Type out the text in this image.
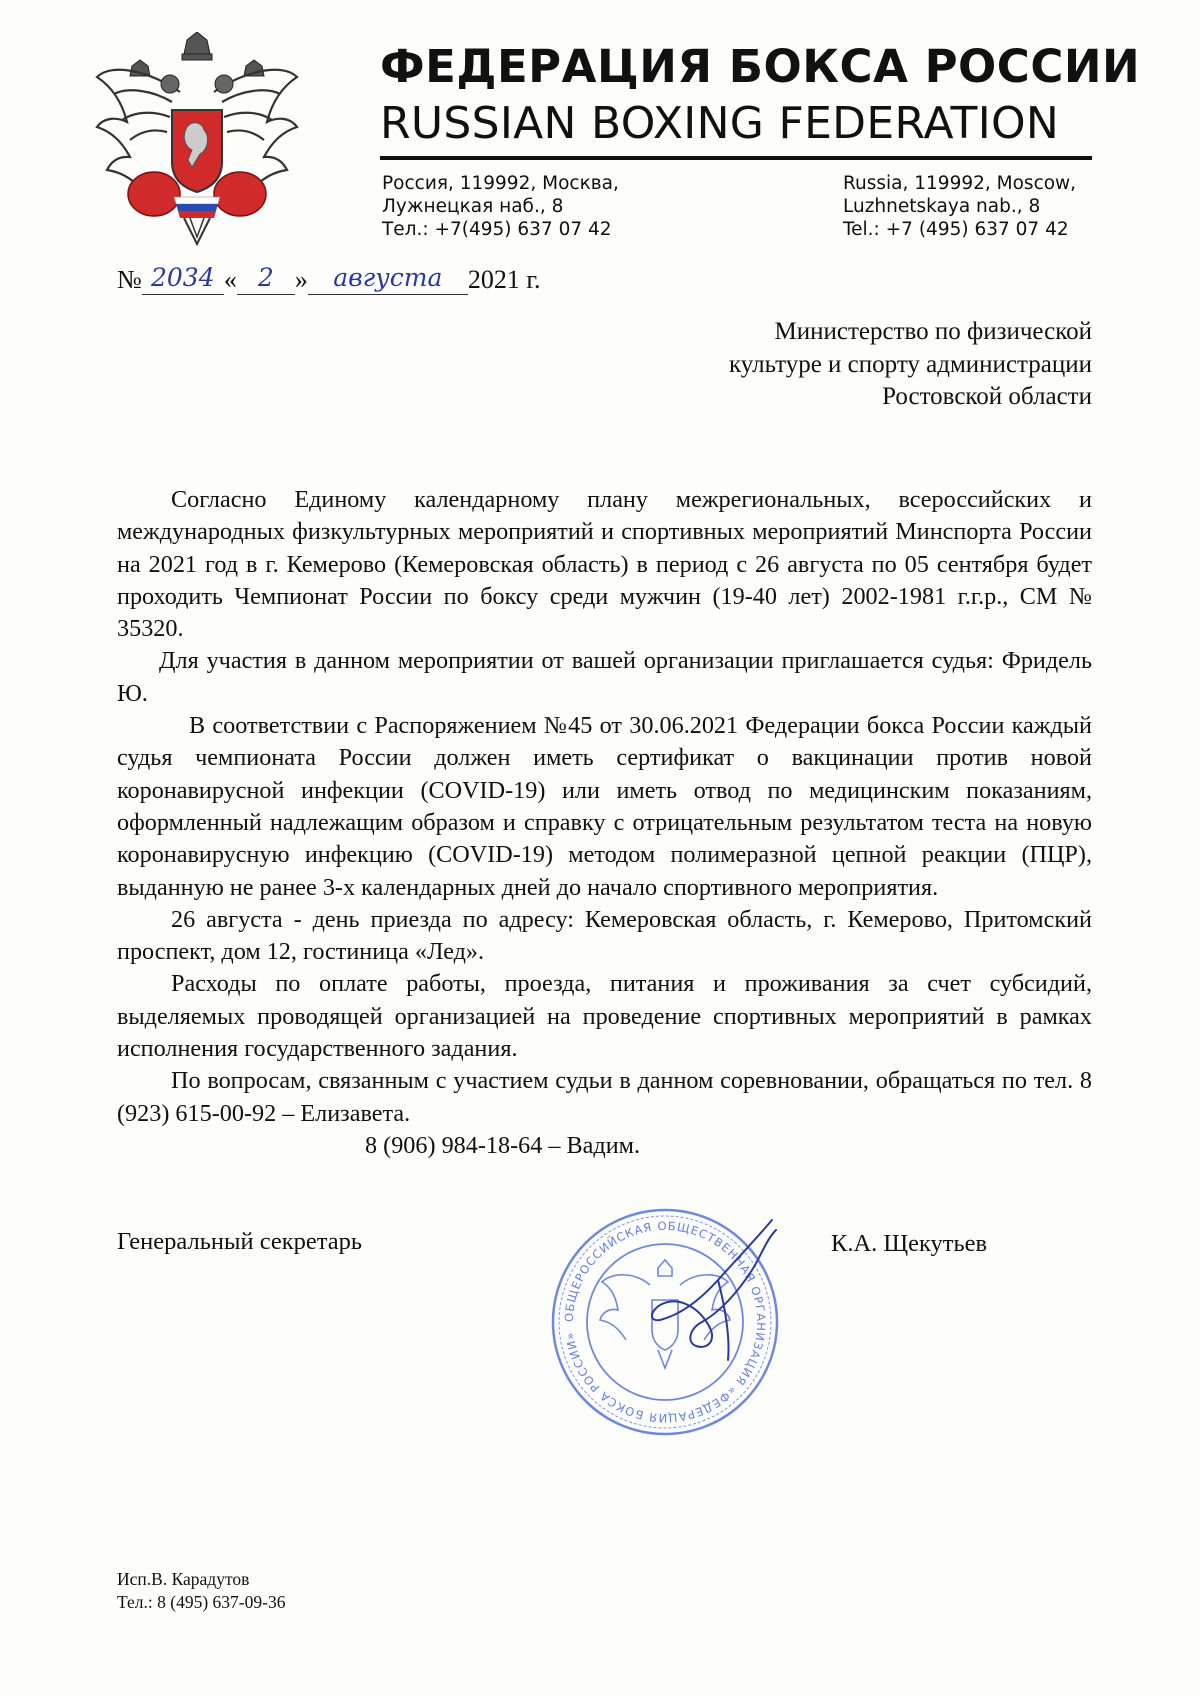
ФЕДЕРАЦИЯ БОКСА РОССИИ
RUSSIAN BOXING FEDERATION
Россия, 119992, Москва,
Лужнецкая наб., 8
Тел.: +7(495) 637 07 42
Russia, 119992, Moscow,
Luzhnetskaya nab., 8
Tel.: +7 (495) 637 07 42
№ 2034 « 2 » августа 2021 г.
Министерство по физической
культуре и спорту администрации
Ростовской области

Согласно Единому календарному плану межрегиональных, всероссийских и международных физкультурных мероприятий и спортивных мероприятий Минспорта России на 2021 год в г. Кемерово (Кемеровская область) в период с 26 августа по 05 сентября будет проходить Чемпионат России по боксу среди мужчин (19-40 лет) 2002-1981 г.г.р., СМ № 35320.

Для участия в данном мероприятии от вашей организации приглашается судья: Фридель Ю.

В соответствии с Распоряжением №45 от 30.06.2021 Федерации бокса России каждый судья чемпионата России должен иметь сертификат о вакцинации против новой коронавирусной инфекции (COVID-19) или иметь отвод по медицинским показаниям, оформленный надлежащим образом и справку с отрицательным результатом теста на новую коронавирусную инфекцию (COVID-19) методом полимеразной цепной реакции (ПЦР), выданную не ранее 3-х календарных дней до начало спортивного мероприятия.

26 августа - день приезда по адресу: Кемеровская область, г. Кемерово, Притомский проспект, дом 12, гостиница «Лед».

Расходы по оплате работы, проезда, питания и проживания за счет субсидий, выделяемых проводящей организацией на проведение спортивных мероприятий в рамках исполнения государственного задания.

По вопросам, связанным с участием судьи в данном соревновании, обращаться по тел. 8 (923) 615-00-92 – Елизавета.

8 (906) 984-18-64 – Вадим.

Генеральный секретарь
ОБЩЕРОССИЙСКАЯ ОБЩЕСТВЕННАЯ ОРГАНИЗАЦИЯ «ФЕДЕРАЦИЯ БОКСА РОССИИ»
К.А. Щекутьев
Исп.В. Карадутов
Тел.: 8 (495) 637-09-36
